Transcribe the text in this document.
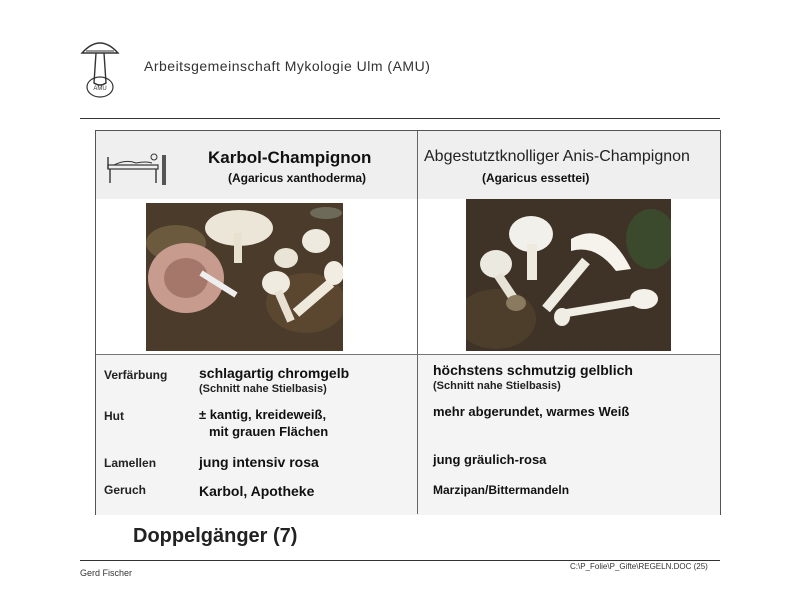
AMU
Arbeitsgemeinschaft Mykologie Ulm (AMU)
Karbol-Champignon
(Agaricus xanthoderma)
Abgestutztknolliger Anis-Champignon
(Agaricus essettei)
Verfärbung
Hut
Lamellen
Geruch
schlagartig chromgelb
(Schnitt nahe Stielbasis)
± kantig, kreideweiß,
mit grauen Flächen
jung intensiv rosa
Karbol, Apotheke
höchstens schmutzig gelblich
(Schnitt nahe Stielbasis)
mehr abgerundet, warmes Weiß
jung gräulich-rosa
Marzipan/Bittermandeln
Doppelgänger (7)
Gerd Fischer
C:\P_Folie\P_Gifte\REGELN.DOC (25)
